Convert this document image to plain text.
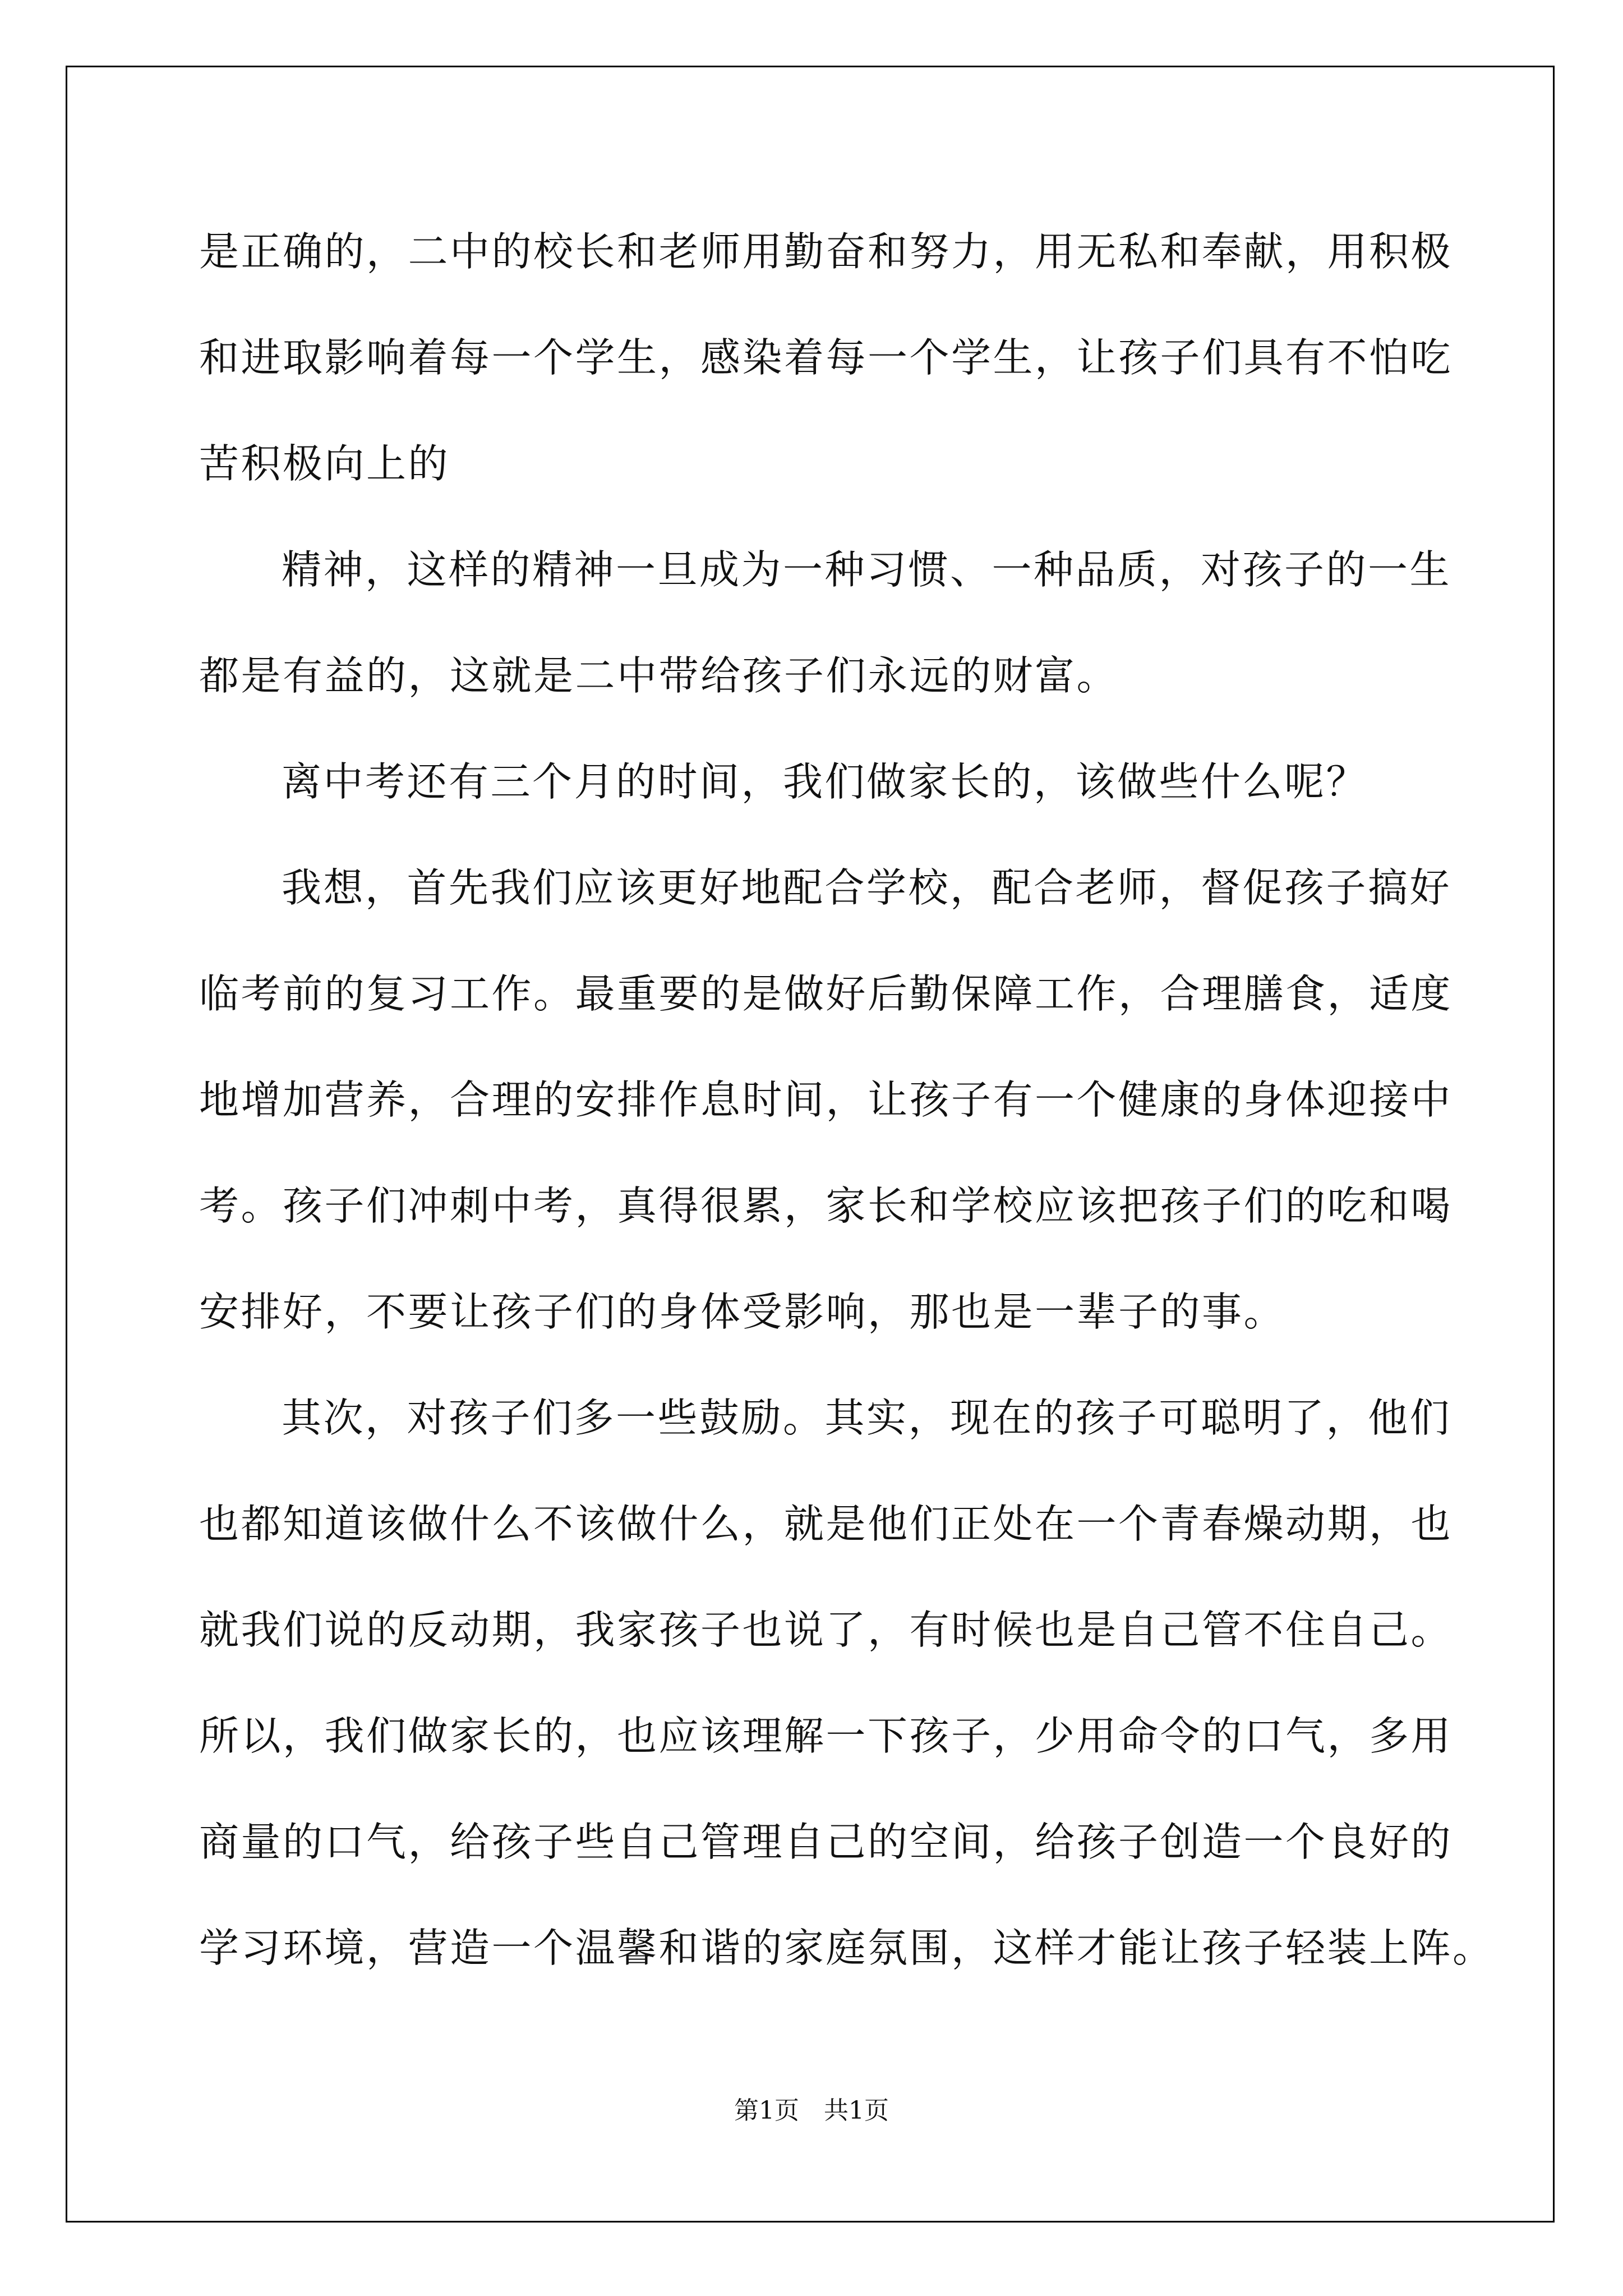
是正确的，二中的校长和老师用勤奋和努力，用无私和奉献，用积极
和进取影响着每一个学生，感染着每一个学生，让孩子们具有不怕吃
苦积极向上的
精神，这样的精神一旦成为一种习惯、一种品质，对孩子的一生
都是有益的，这就是二中带给孩子们永远的财富。
离中考还有三个月的时间，我们做家长的，该做些什么呢？
我想，首先我们应该更好地配合学校，配合老师，督促孩子搞好
临考前的复习工作。最重要的是做好后勤保障工作，合理膳食，适度
地增加营养，合理的安排作息时间，让孩子有一个健康的身体迎接中
考。孩子们冲刺中考，真得很累，家长和学校应该把孩子们的吃和喝
安排好，不要让孩子们的身体受影响，那也是一辈子的事。
其次，对孩子们多一些鼓励。其实，现在的孩子可聪明了，他们
也都知道该做什么不该做什么，就是他们正处在一个青春燥动期，也
就我们说的反动期，我家孩子也说了，有时候也是自己管不住自己。
所以，我们做家长的，也应该理解一下孩子，少用命令的口气，多用
商量的口气，给孩子些自己管理自己的空间，给孩子创造一个良好的
学习环境，营造一个温馨和谐的家庭氛围，这样才能让孩子轻装上阵。
第1页 共1页
